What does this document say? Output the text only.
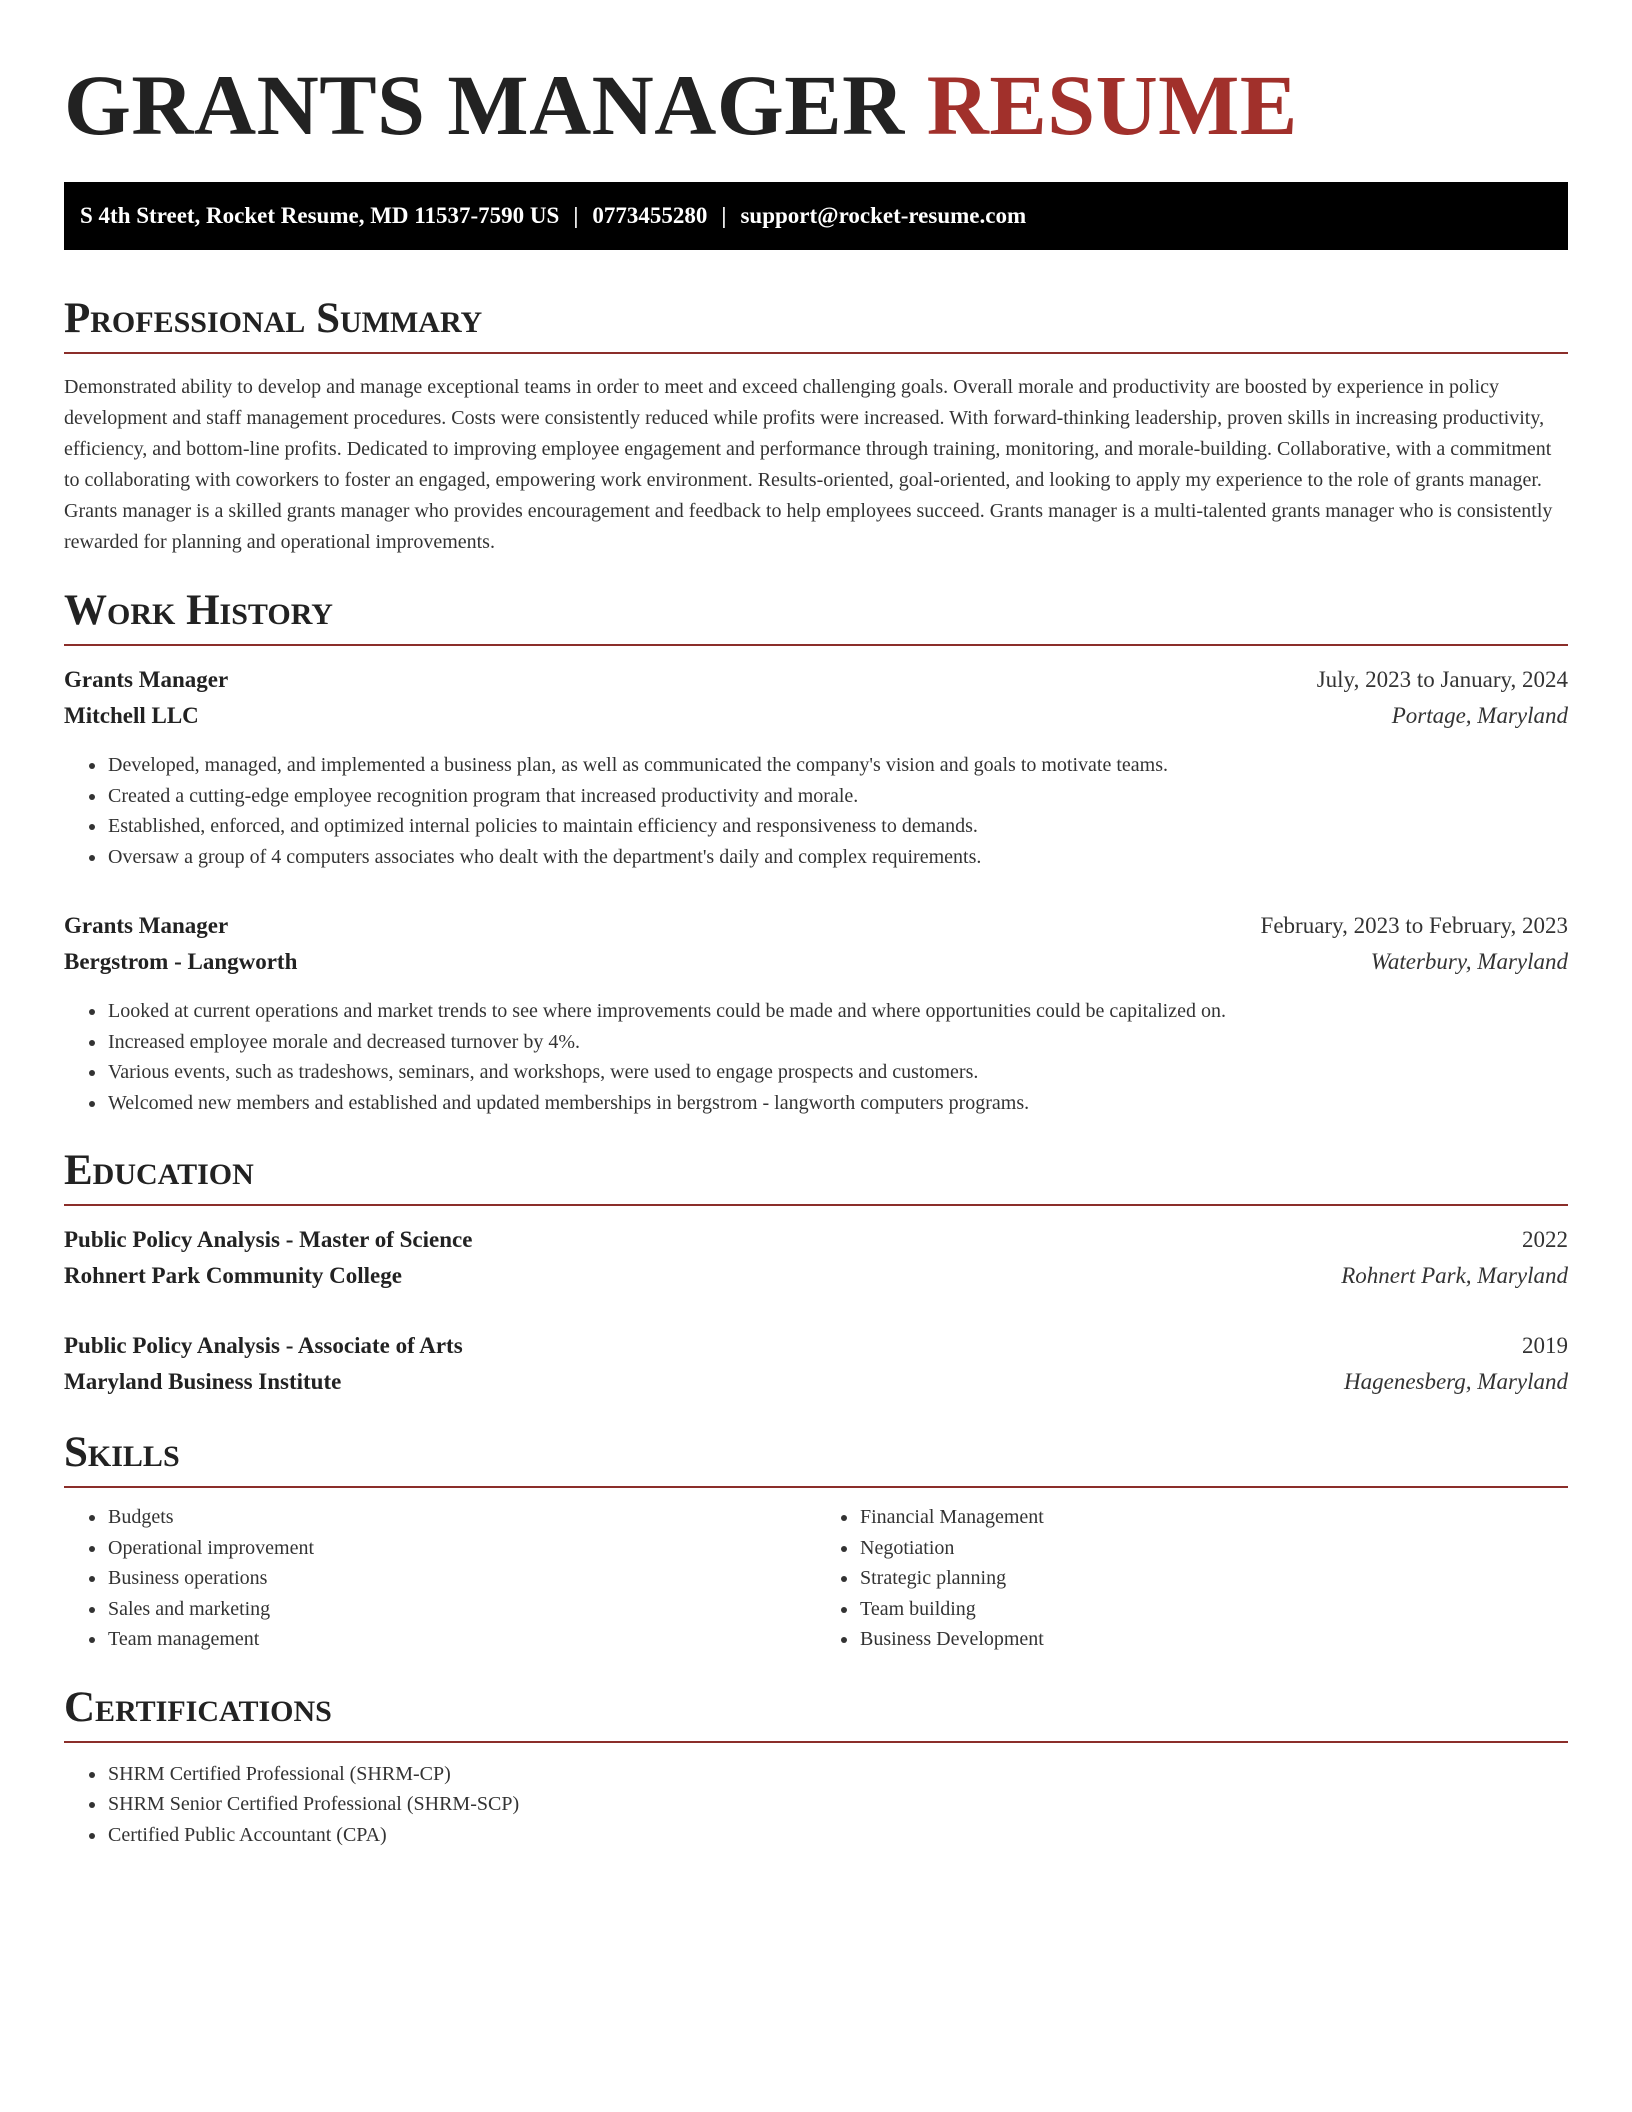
GRANTS MANAGER RESUME
S 4th Street, Rocket Resume, MD 11537-7590 US | 0773455280 | support@rocket-resume.com
Professional Summary

Demonstrated ability to develop and manage exceptional teams in order to meet and exceed challenging goals. Overall morale and productivity are boosted by experience in policy development and staff management procedures. Costs were consistently reduced while profits were increased. With forward-thinking leadership, proven skills in increasing productivity, efficiency, and bottom-line profits. Dedicated to improving employee engagement and performance through training, monitoring, and morale-building. Collaborative, with a commitment to collaborating with coworkers to foster an engaged, empowering work environment. Results-oriented, goal-oriented, and looking to apply my experience to the role of grants manager. Grants manager is a skilled grants manager who provides encouragement and feedback to help employees succeed. Grants manager is a multi-talented grants manager who is consistently rewarded for planning and operational improvements.

Work History
Grants Manager	July, 2023 to January, 2024
Mitchell LLC	Portage, Maryland
• Developed, managed, and implemented a business plan, as well as communicated the company's vision and goals to motivate teams.
• Created a cutting-edge employee recognition program that increased productivity and morale.
• Established, enforced, and optimized internal policies to maintain efficiency and responsiveness to demands.
• Oversaw a group of 4 computers associates who dealt with the department's daily and complex requirements.
Grants Manager	February, 2023 to February, 2023
Bergstrom - Langworth	Waterbury, Maryland
• Looked at current operations and market trends to see where improvements could be made and where opportunities could be capitalized on.
• Increased employee morale and decreased turnover by 4%.
• Various events, such as tradeshows, seminars, and workshops, were used to engage prospects and customers.
• Welcomed new members and established and updated memberships in bergstrom - langworth computers programs.
Education
Public Policy Analysis - Master of Science	2022
Rohnert Park Community College	Rohnert Park, Maryland
Public Policy Analysis - Associate of Arts	2019
Maryland Business Institute	Hagenesberg, Maryland
Skills
• Budgets
• Operational improvement
• Business operations
• Sales and marketing
• Team management
• Financial Management
• Negotiation
• Strategic planning
• Team building
• Business Development
Certifications
• SHRM Certified Professional (SHRM-CP)
• SHRM Senior Certified Professional (SHRM-SCP)
• Certified Public Accountant (CPA)
